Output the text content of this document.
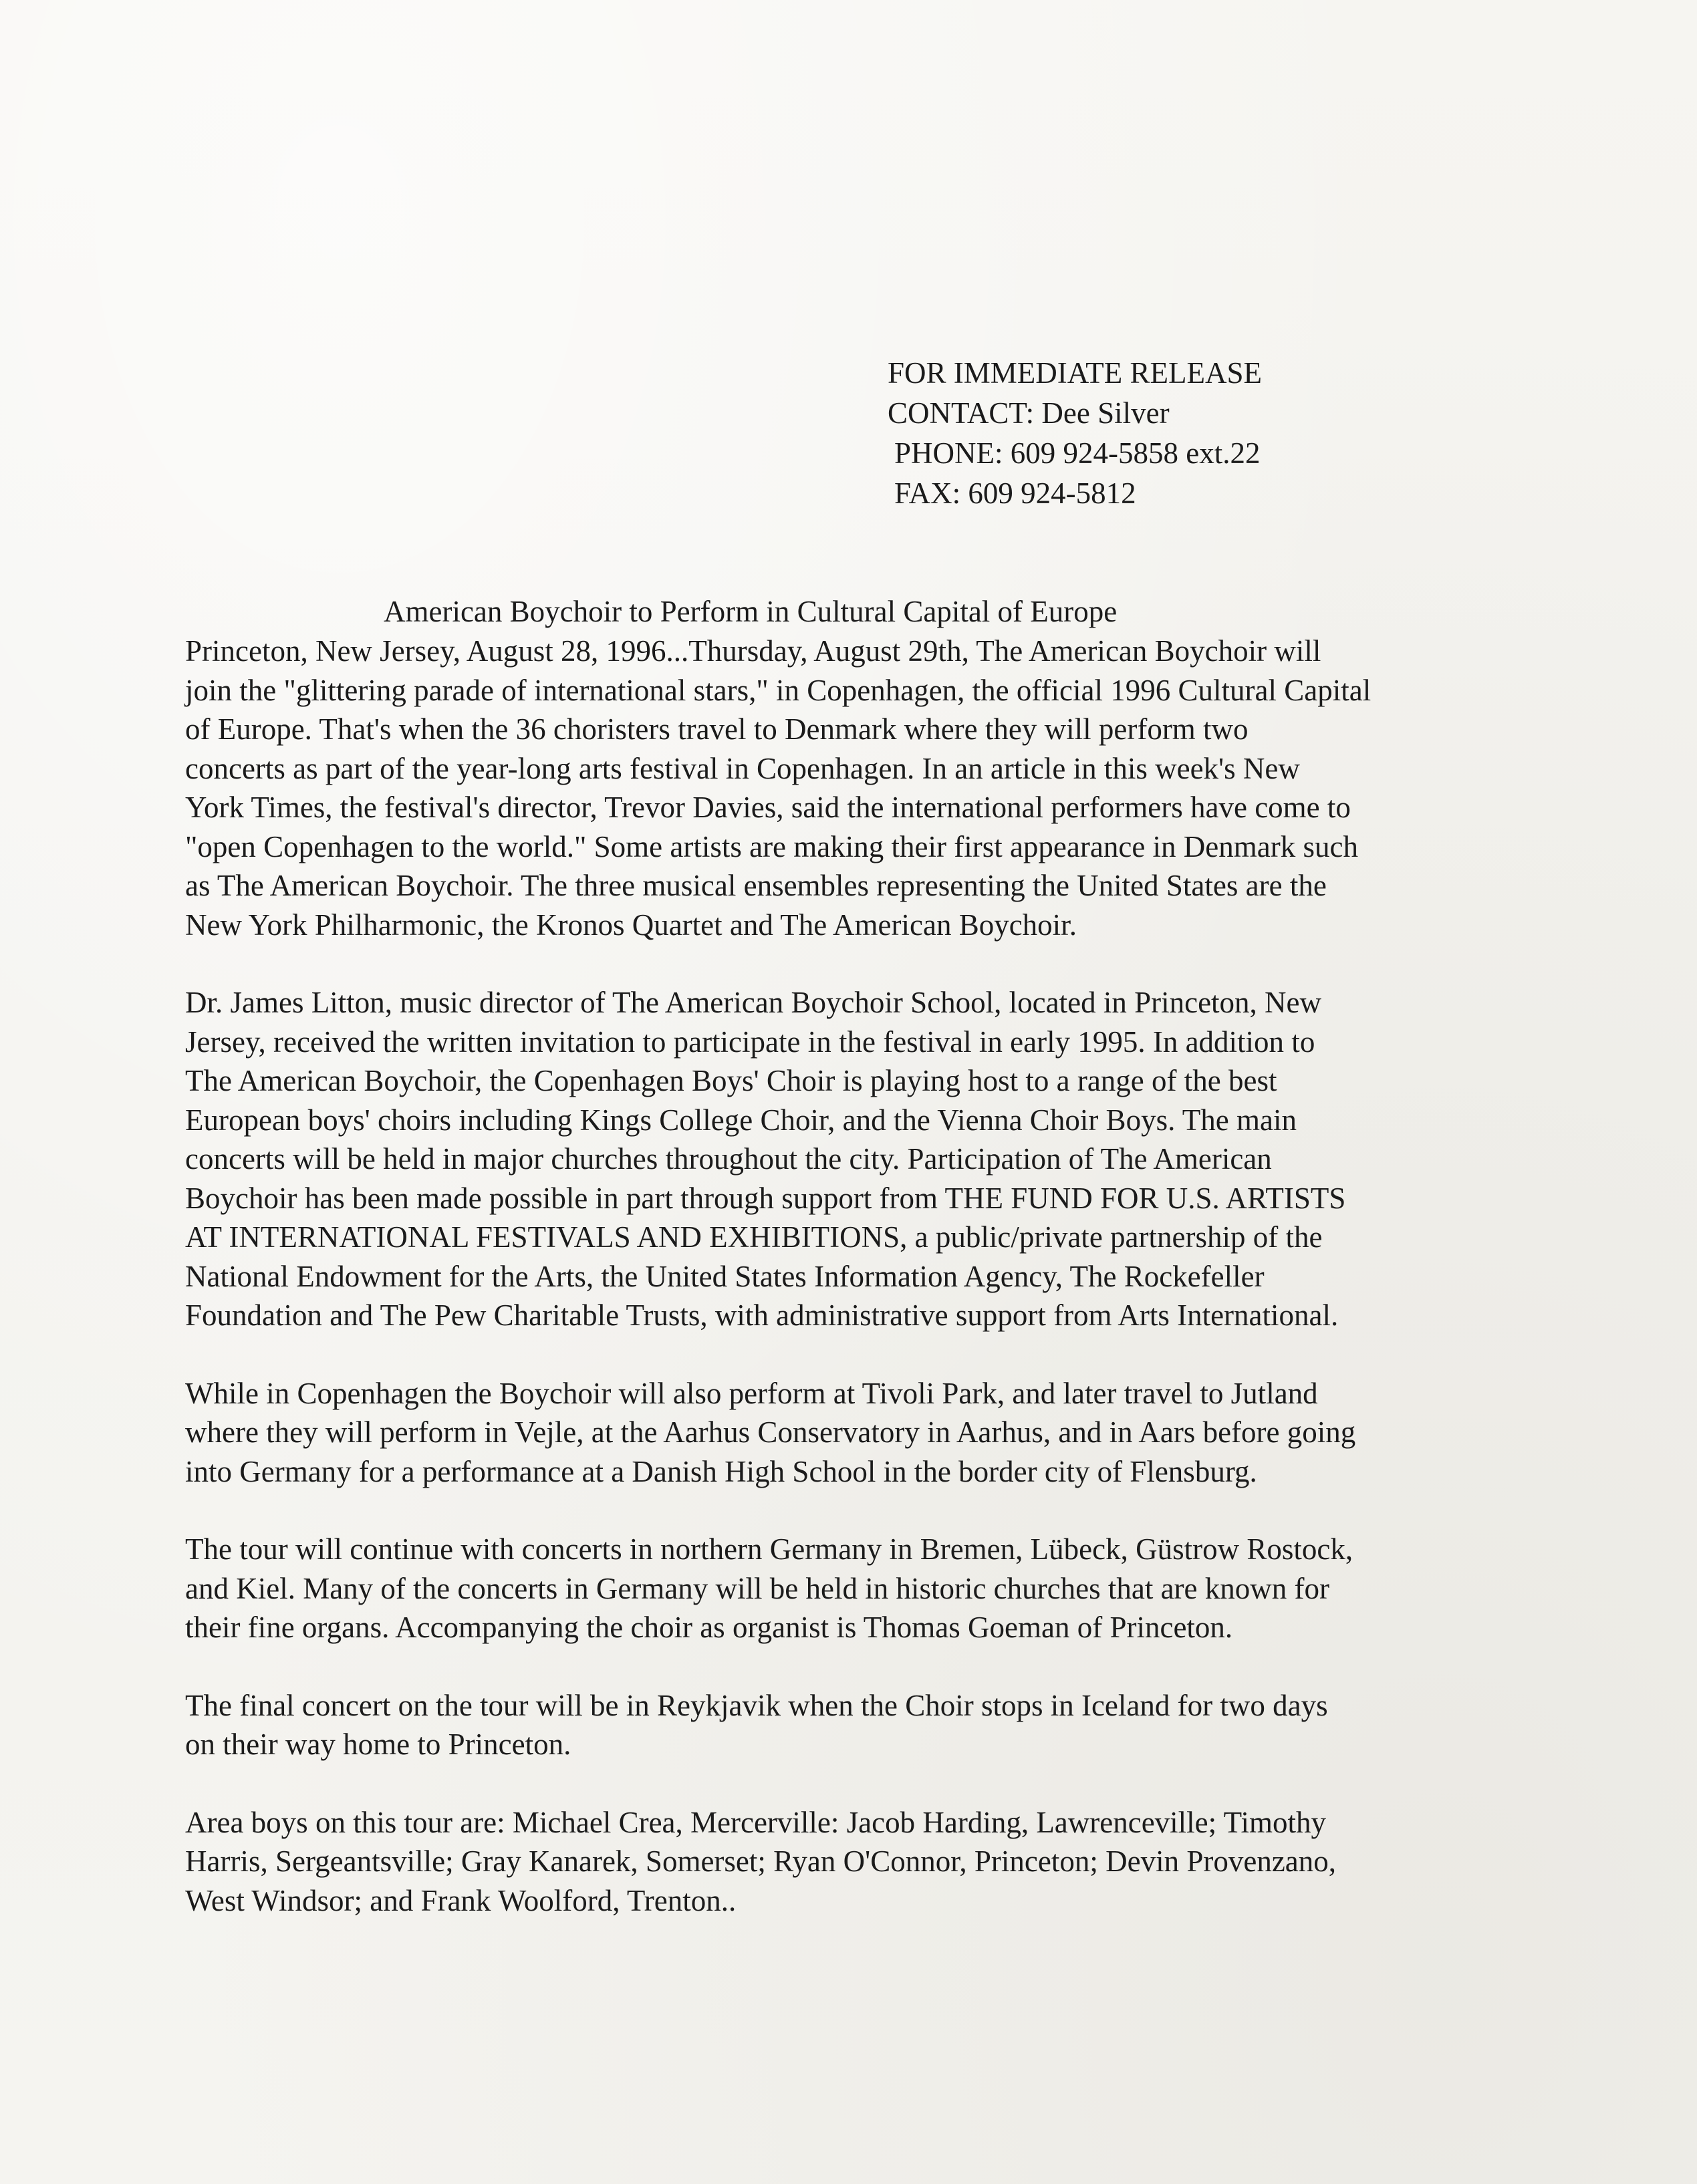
FOR IMMEDIATE RELEASE
CONTACT: Dee Silver
PHONE: 609 924-5858 ext.22
FAX: 609 924-5812
American Boychoir to Perform in Cultural Capital of Europe
Princeton, New Jersey, August 28, 1996...Thursday, August 29th, The American Boychoir will
join the "glittering parade of international stars," in Copenhagen, the official 1996 Cultural Capital
of Europe. That's when the 36 choristers travel to Denmark where they will perform two
concerts as part of the year-long arts festival in Copenhagen. In an article in this week's New
York Times, the festival's director, Trevor Davies, said the international performers have come to
"open Copenhagen to the world." Some artists are making their first appearance in Denmark such
as The American Boychoir. The three musical ensembles representing the United States are the
New York Philharmonic, the Kronos Quartet and The American Boychoir.
Dr. James Litton, music director of The American Boychoir School, located in Princeton, New
Jersey, received the written invitation to participate in the festival in early 1995. In addition to
The American Boychoir, the Copenhagen Boys' Choir is playing host to a range of the best
European boys' choirs including Kings College Choir, and the Vienna Choir Boys. The main
concerts will be held in major churches throughout the city. Participation of The American
Boychoir has been made possible in part through support from THE FUND FOR U.S. ARTISTS
AT INTERNATIONAL FESTIVALS AND EXHIBITIONS, a public/private partnership of the
National Endowment for the Arts, the United States Information Agency, The Rockefeller
Foundation and The Pew Charitable Trusts, with administrative support from Arts International.
While in Copenhagen the Boychoir will also perform at Tivoli Park, and later travel to Jutland
where they will perform in Vejle, at the Aarhus Conservatory in Aarhus, and in Aars before going
into Germany for a performance at a Danish High School in the border city of Flensburg.
The tour will continue with concerts in northern Germany in Bremen, Lübeck, Güstrow Rostock,
and Kiel. Many of the concerts in Germany will be held in historic churches that are known for
their fine organs. Accompanying the choir as organist is Thomas Goeman of Princeton.
The final concert on the tour will be in Reykjavik when the Choir stops in Iceland for two days
on their way home to Princeton.
Area boys on this tour are: Michael Crea, Mercerville: Jacob Harding, Lawrenceville; Timothy
Harris, Sergeantsville; Gray Kanarek, Somerset; Ryan O'Connor, Princeton; Devin Provenzano,
West Windsor; and Frank Woolford, Trenton..
